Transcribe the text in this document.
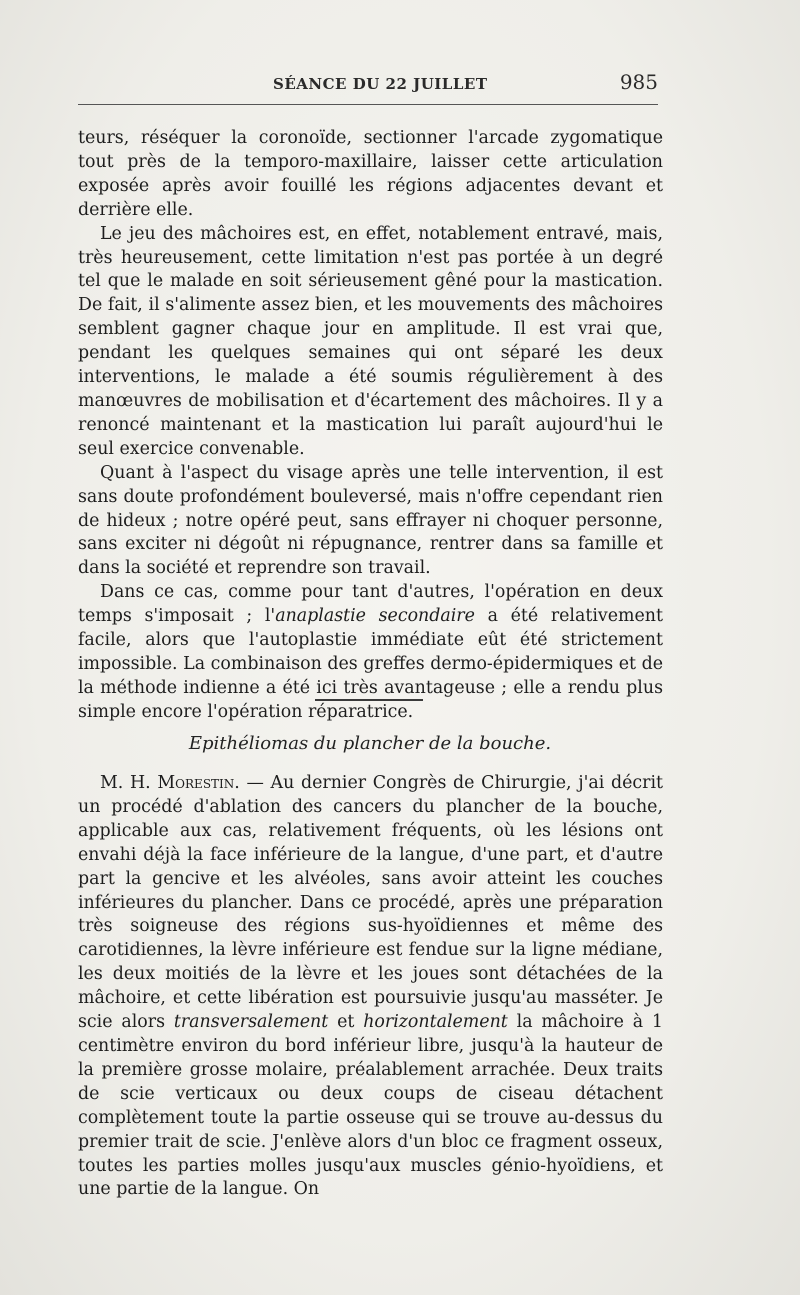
SÉANCE DU 22 JUILLET	985
teurs, réséquer la coronoïde, sectionner l'arcade zygomatique tout près de la temporo-maxillaire, laisser cette articulation exposée après avoir fouillé les régions adjacentes devant et derrière elle.
Le jeu des mâchoires est, en effet, notablement entravé, mais, très heureusement, cette limitation n'est pas portée à un degré tel que le malade en soit sérieusement gêné pour la mastication. De fait, il s'alimente assez bien, et les mouvements des mâchoires semblent gagner chaque jour en amplitude. Il est vrai que, pendant les quelques semaines qui ont séparé les deux interventions, le malade a été soumis régulièrement à des manœuvres de mobilisation et d'écartement des mâchoires. Il y a renoncé maintenant et la mastication lui paraît aujourd'hui le seul exercice convenable.
Quant à l'aspect du visage après une telle intervention, il est sans doute profondément bouleversé, mais n'offre cependant rien de hideux ; notre opéré peut, sans effrayer ni choquer personne, sans exciter ni dégoût ni répugnance, rentrer dans sa famille et dans la société et reprendre son travail.
Dans ce cas, comme pour tant d'autres, l'opération en deux temps s'imposait ; l'anaplastie secondaire a été relativement facile, alors que l'autoplastie immédiate eût été strictement impossible. La combinaison des greffes dermo-épidermiques et de la méthode indienne a été ici très avantageuse ; elle a rendu plus simple encore l'opération réparatrice.
Epithéliomas du plancher de la bouche.
M. H. Morestin. — Au dernier Congrès de Chirurgie, j'ai décrit un procédé d'ablation des cancers du plancher de la bouche, applicable aux cas, relativement fréquents, où les lésions ont envahi déjà la face inférieure de la langue, d'une part, et d'autre part la gencive et les alvéoles, sans avoir atteint les couches inférieures du plancher. Dans ce procédé, après une préparation très soigneuse des régions sus-hyoïdiennes et même des carotidiennes, la lèvre inférieure est fendue sur la ligne médiane, les deux moitiés de la lèvre et les joues sont détachées de la mâchoire, et cette libération est poursuivie jusqu'au masséter. Je scie alors transversalement et horizontalement la mâchoire à 1 centimètre environ du bord inférieur libre, jusqu'à la hauteur de la première grosse molaire, préalablement arrachée. Deux traits de scie verticaux ou deux coups de ciseau détachent complètement toute la partie osseuse qui se trouve au-dessus du premier trait de scie. J'enlève alors d'un bloc ce fragment osseux, toutes les parties molles jusqu'aux muscles génio-hyoïdiens, et une partie de la langue. On
